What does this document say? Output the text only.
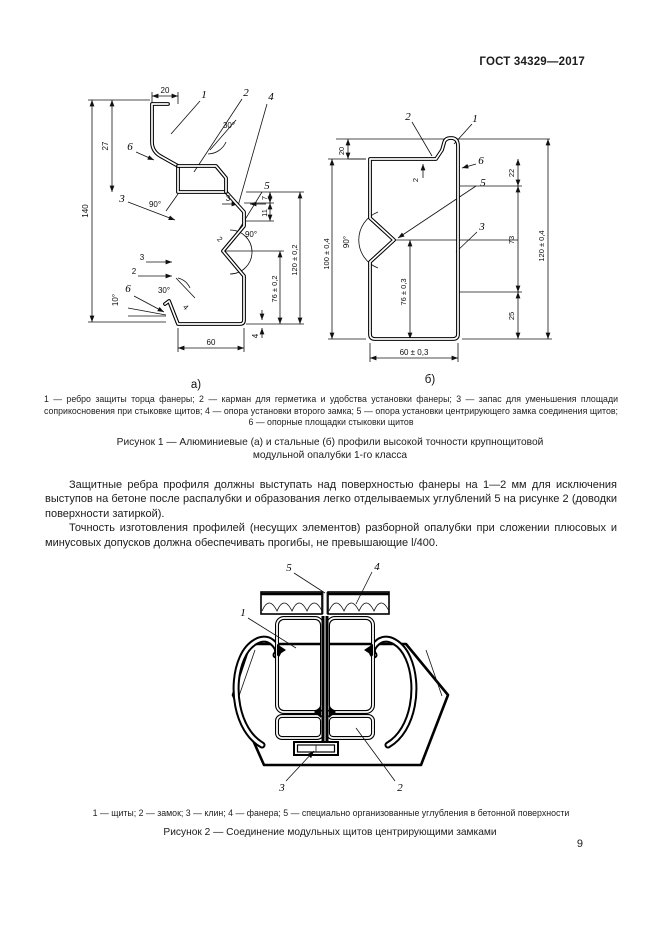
ГОСТ 34329—2017
20
27
140
1	2 4
30°
7
11
3
5
90°
120 ± 0,2
76 ± 0,2
3	90°
3
2
30°
10°
6
6
4
2
4
60
а)
2	1
20
100 ± 0,4 90°
2
6
5
3
22
73
25
120 ± 0,4
76 ± 0,3
60 ± 0,3
б)
1 — ребро защиты торца фанеры; 2 — карман для герметика и удобства установки фанеры; 3 — запас для уменьшения площади соприкосновения при стыковке щитов; 4 — опора установки второго замка; 5 — опора установки центрирующего замка соединения щитов; 6 — опорные площадки стыковки щитов
Рисунок 1 — Алюминиевые (а) и стальные (б) профили высокой точности крупнощитовой модульной опалубки 1-го класса

Защитные ребра профиля должны выступать над поверхностью фанеры на 1—2 мм для исключения выступов на бетоне после распалубки и образования легко отделываемых углублений 5 на рисунке 2 (доводки поверхности затиркой).

Точность изготовления профилей (несущих элементов) разборной опалубки при сложении плюсовых и минусовых допусков должна обеспечивать прогибы, не превышающие l/400.

5	4
1
3	2
1 — щиты; 2 — замок; 3 — клин; 4 — фанера; 5 — специально организованные углубления в бетонной поверхности
Рисунок 2 — Соединение модульных щитов центрирующими замками
9
